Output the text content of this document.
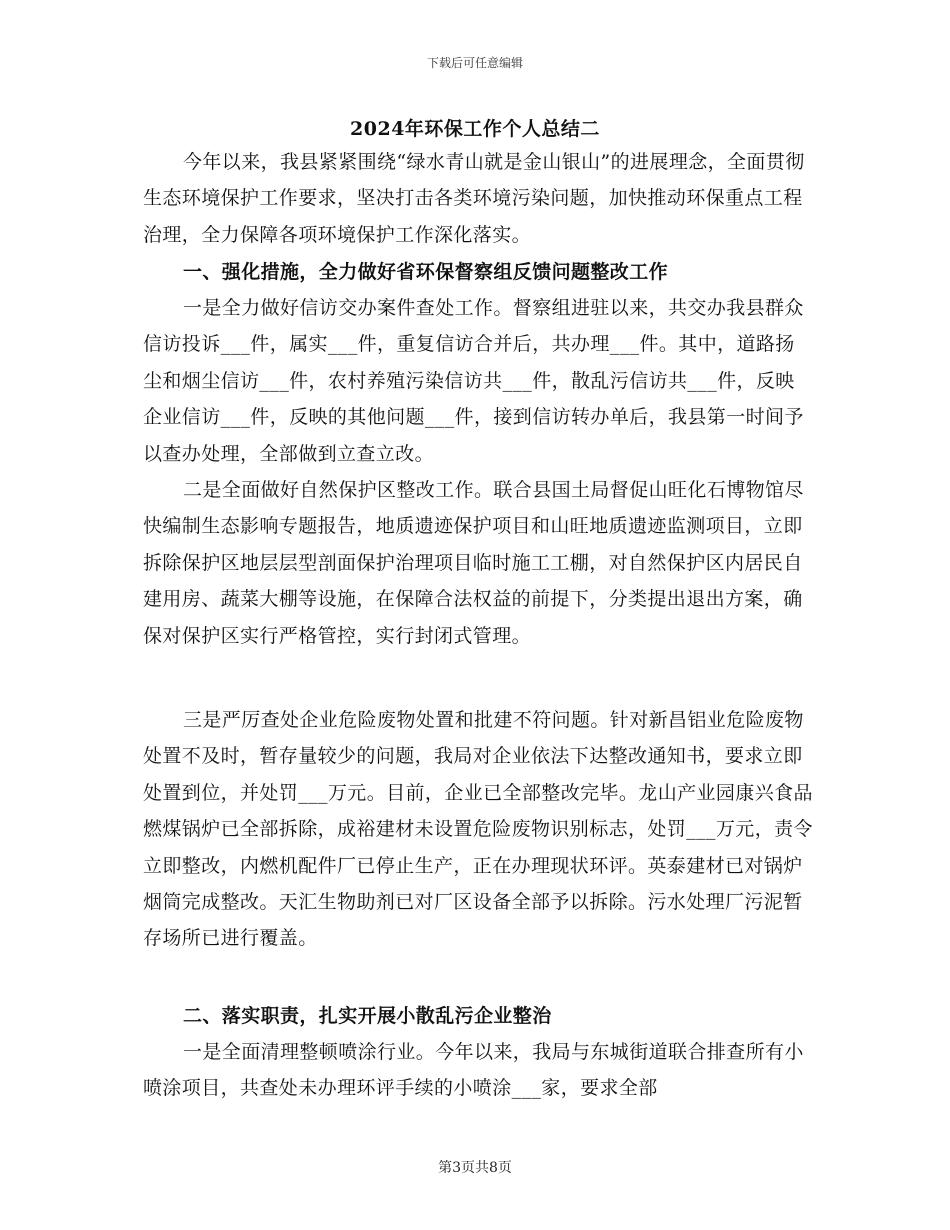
下载后可任意编辑
2024年环保工作个人总结二
今年以来，我县紧紧围绕“绿水青山就是金山银山”的进展理念，全面贯彻生态环境保护工作要求，坚决打击各类环境污染问题，加快推动环保重点工程治理，全力保障各项环境保护工作深化落实。
一、强化措施，全力做好省环保督察组反馈问题整改工作
一是全力做好信访交办案件查处工作。督察组进驻以来，共交办我县群众信访投诉___件，属实___件，重复信访合并后，共办理___件。其中，道路扬尘和烟尘信访___件，农村养殖污染信访共___件，散乱污信访共___件，反映企业信访___件，反映的其他问题___件，接到信访转办单后，我县第一时间予以查办处理，全部做到立查立改。
二是全面做好自然保护区整改工作。联合县国土局督促山旺化石博物馆尽快编制生态影响专题报告，地质遗迹保护项目和山旺地质遗迹监测项目，立即拆除保护区地层层型剖面保护治理项目临时施工工棚，对自然保护区内居民自建用房、蔬菜大棚等设施，在保障合法权益的前提下，分类提出退出方案，确保对保护区实行严格管控，实行封闭式管理。
三是严厉查处企业危险废物处置和批建不符问题。针对新昌铝业危险废物处置不及时，暂存量较少的问题，我局对企业依法下达整改通知书，要求立即处置到位，并处罚___万元。目前，企业已全部整改完毕。龙山产业园康兴食品燃煤锅炉已全部拆除，成裕建材未设置危险废物识别标志，处罚___万元，责令立即整改，内燃机配件厂已停止生产，正在办理现状环评。英泰建材已对锅炉烟筒完成整改。天汇生物助剂已对厂区设备全部予以拆除。污水处理厂污泥暂存场所已进行覆盖。
二、落实职责，扎实开展小散乱污企业整治
一是全面清理整顿喷涂行业。今年以来，我局与东城街道联合排查所有小喷涂项目，共查处未办理环评手续的小喷涂___家，要求全部
第3页共8页
